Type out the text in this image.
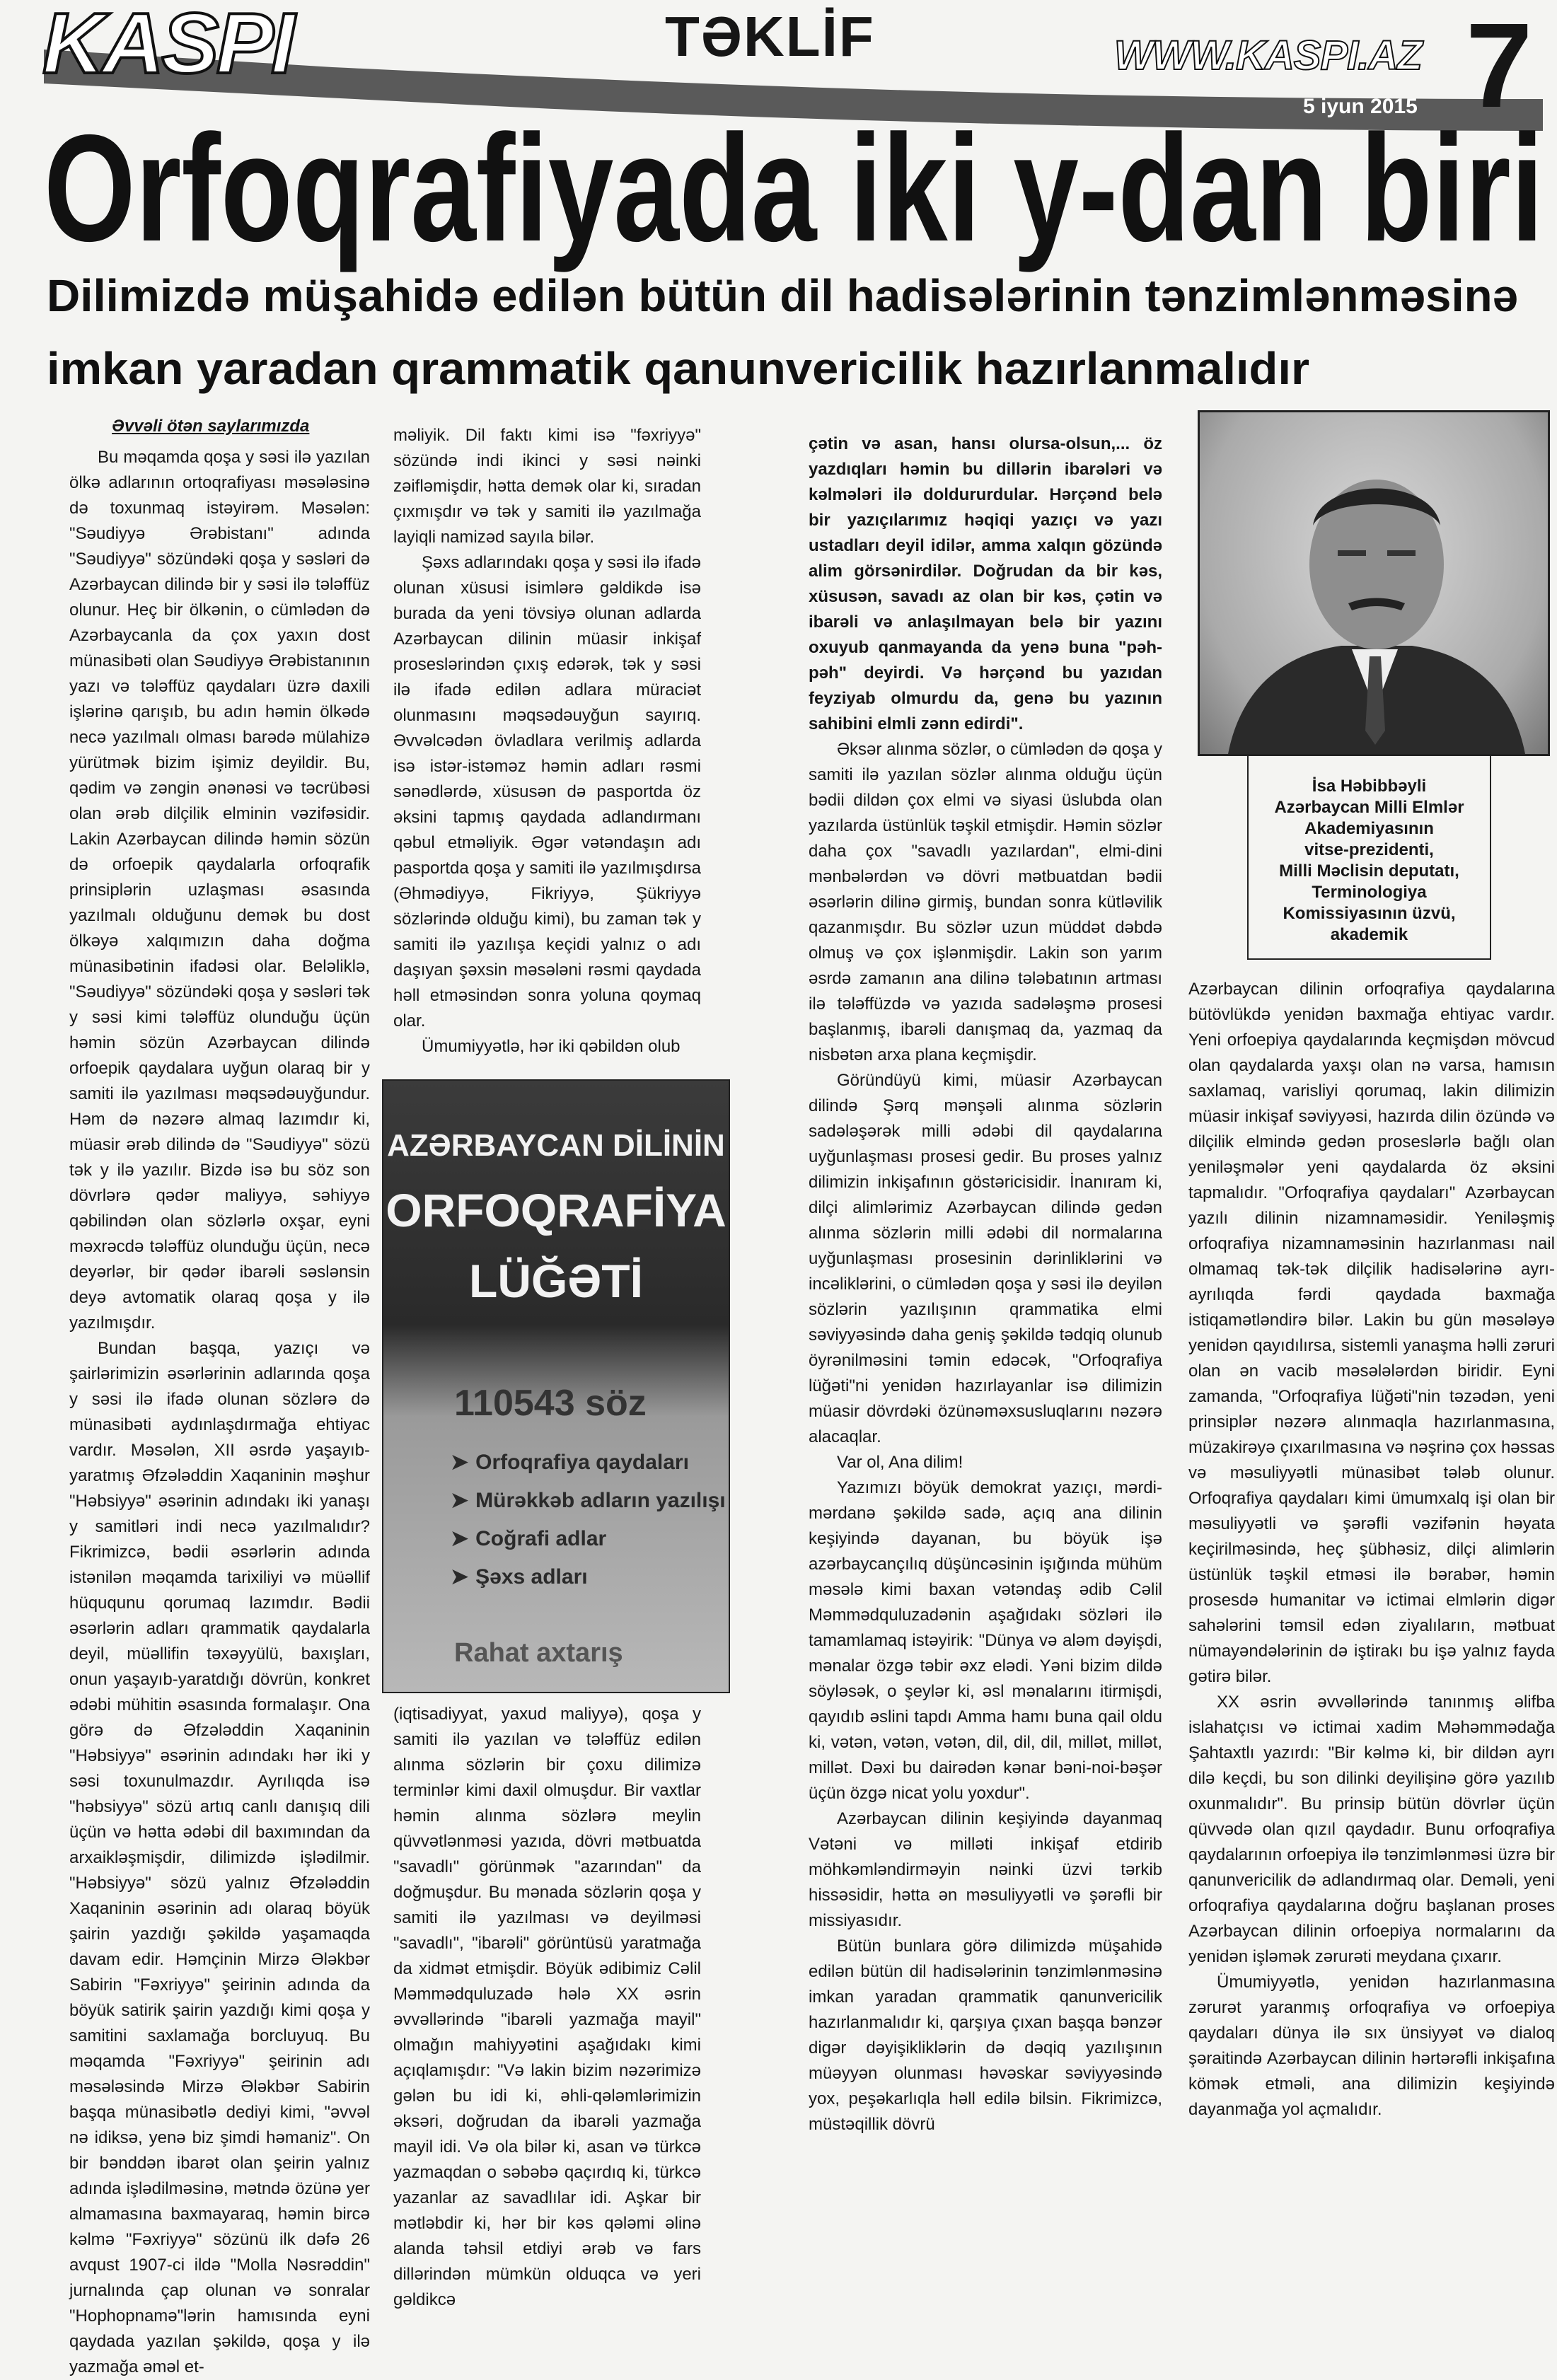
KASPI	TƏKLİF	WWW.KASPI.AZ
5 iyun 2015 7
Orfoqrafiyada iki y-dan biri
Dilimizdə müşahidə edilən bütün dil hadisələrinin tənzimlənməsinə
imkan yaradan qrammatik qanunvericilik hazırlanmalıdır

Əvvəli ötən saylarımızda

Bu məqamda qoşa y səsi ilə yazılan ölkə adlarının ortoqrafiyası məsələsinə də toxunmaq istəyirəm. Məsələn: "Səudiyyə Ərəbistanı" adında "Səudiyyə" sözündəki qoşa y səsləri də Azərbaycan dilində bir y səsi ilə tələffüz olunur. Heç bir ölkənin, o cümlədən də Azərbaycanla da çox yaxın dost münasibəti olan Səudiyyə Ərəbistanının yazı və tələffüz qaydaları üzrə daxili işlərinə qarışıb, bu adın həmin ölkədə necə yazılmalı olması barədə mülahizə yürütmək bizim işimiz deyildir. Bu, qədim və zəngin ənənəsi və təcrübəsi olan ərəb dilçilik elminin vəzifəsidir. Lakin Azərbaycan dilində həmin sözün də orfoepik qaydalarla orfoqrafik prinsiplərin uzlaşması əsasında yazılmalı olduğunu demək bu dost ölkəyə xalqımızın daha doğma münasibətinin ifadəsi olar. Beləliklə, "Səudiyyə" sözündəki qoşa y səsləri tək y səsi kimi tələffüz olunduğu üçün həmin sözün Azərbaycan dilində orfoepik qaydalara uyğun olaraq bir y samiti ilə yazılması məqsədəuyğundur. Həm də nəzərə almaq lazımdır ki, müasir ərəb dilində də "Səudiyyə" sözü tək y ilə yazılır. Bizdə isə bu söz son dövrlərə qədər maliyyə, səhiyyə qəbilindən olan sözlərlə oxşar, eyni məxrəcdə tələffüz olunduğu üçün, necə deyərlər, bir qədər ibarəli səslənsin deyə avtomatik olaraq qoşa y ilə yazılmışdır.

Bundan başqa, yazıçı və şairlərimizin əsərlərinin adlarında qoşa y səsi ilə ifadə olunan sözlərə də münasibəti aydınlaşdırmağa ehtiyac vardır. Məsələn, XII əsrdə yaşayıb-yaratmış Əfzələddin Xaqaninin məşhur "Həbsiyyə" əsərinin adındakı iki yanaşı y samitləri indi necə yazılmalıdır? Fikrimizcə, bədii əsərlərin adında istənilən məqamda tarixiliyi və müəllif hüququnu qorumaq lazımdır. Bədii əsərlərin adları qrammatik qaydalarla deyil, müəllifin təxəyyülü, baxışları, onun yaşayıb-yaratdığı dövrün, konkret ədəbi mühitin əsasında formalaşır. Ona görə də Əfzələddin Xaqaninin "Həbsiyyə" əsərinin adındakı hər iki y səsi toxunulmazdır. Ayrılıqda isə "həbsiyyə" sözü artıq canlı danışıq dili üçün və hətta ədəbi dil baxımından da arxaikləşmişdir, dilimizdə işlədilmir. "Həbsiyyə" sözü yalnız Əfzələddin Xaqaninin əsərinin adı olaraq böyük şairin yazdığı şəkildə yaşamaqda davam edir. Həmçinin Mirzə Ələkbər Sabirin "Fəxriyyə" şeirinin adında da böyük satirik şairin yazdığı kimi qoşa y samitini saxlamağa borcluyuq. Bu məqamda "Fəxriyyə" şeirinin adı məsələsində Mirzə Ələkbər Sabirin başqa münasibətlə dediyi kimi, "əvvəl nə idiksə, yenə biz şimdi həmaniz". On bir bənddən ibarət olan şeirin yalnız adında işlədilməsinə, mətndə özünə yer almamasına baxmayaraq, həmin bircə kəlmə "Fəxriyyə" sözünü ilk dəfə 26 avqust 1907-ci ildə "Molla Nəsrəddin" jurnalında çap olunan və sonralar "Hophopnamə"lərin hamısında eyni qaydada yazılan şəkildə, qoşa y ilə yazmağa əməl et-

məliyik. Dil faktı kimi isə "fəxriyyə" sözündə indi ikinci y səsi nəinki zəifləmişdir, hətta demək olar ki, sıradan çıxmışdır və tək y samiti ilə yazılmağa layiqli namizəd sayıla bilər.

Şəxs adlarındakı qoşa y səsi ilə ifadə olunan xüsusi isimlərə gəldikdə isə burada da yeni tövsiyə olunan adlarda Azərbaycan dilinin müasir inkişaf proseslərindən çıxış edərək, tək y səsi ilə ifadə edilən adlara müraciət olunmasını məqsədəuyğun sayırıq. Əvvəlcədən övladlara verilmiş adlarda isə istər-istəməz həmin adları rəsmi sənədlərdə, xüsusən də pasportda öz əksini tapmış qaydada adlandırmanı qəbul etməliyik. Əgər vətəndaşın adı pasportda qoşa y samiti ilə yazılmışdırsa (Əhmədiyyə, Fikriyyə, Şükriyyə sözlərində olduğu kimi), bu zaman tək y samiti ilə yazılışa keçidi yalnız o adı daşıyan şəxsin məsələni rəsmi qaydada həll etməsindən sonra yoluna qoymaq olar.

Ümumiyyətlə, hər iki qəbildən olub

AZƏRBAYCAN DİLİNİN
ORFOQRAFİYA
LÜĞƏTİ
110543 söz
➤ Orfoqrafiya qaydaları
➤ Mürəkkəb adların yazılışı
➤ Coğrafi adlar
➤ Şəxs adları
Rahat axtarış

(iqtisadiyyat, yaxud maliyyə), qoşa y samiti ilə yazılan və tələffüz edilən alınma sözlərin bir çoxu dilimizə terminlər kimi daxil olmuşdur. Bir vaxtlar həmin alınma sözlərə meylin qüvvətlənməsi yazıda, dövri mətbuatda "savadlı" görünmək "azarından" da doğmuşdur. Bu mənada sözlərin qoşa y samiti ilə yazılması və deyilməsi "savadlı", "ibarəli" görüntüsü yaratmağa da xidmət etmişdir. Böyük ədibimiz Cəlil Məmmədquluzadə hələ XX əsrin əvvəllərində "ibarəli yazmağa mayil" olmağın mahiyyətini aşağıdakı kimi açıqlamışdır: "Və lakin bizim nəzərimizə gələn bu idi ki, əhli-qələmlərimizin əksəri, doğrudan da ibarəli yazmağa mayil idi. Və ola bilər ki, asan və türkcə yazmaqdan o səbəbə qaçırdıq ki, türkcə yazanlar az savadlılar idi. Aşkar bir mətləbdir ki, hər bir kəs qələmi əlinə alanda təhsil etdiyi ərəb və fars dillərindən mümkün olduqca və yeri gəldikcə

çətin və asan, hansı olursa-olsun,... öz yazdıqları həmin bu dillərin ibarələri və kəlmələri ilə doldururdular. Hərçənd belə bir yazıçılarımız həqiqi yazıçı və yazı ustadları deyil idilər, amma xalqın gözündə alim görsənirdilər. Doğrudan da bir kəs, xüsusən, savadı az olan bir kəs, çətin və ibarəli və anlaşılmayan belə bir yazını oxuyub qanmayanda da yenə buna "pəh-pəh" deyirdi. Və hərçənd bu yazıdan feyziyab olmurdu da, genə bu yazının sahibini elmli zənn edirdi".

Əksər alınma sözlər, o cümlədən də qoşa y samiti ilə yazılan sözlər alınma olduğu üçün bədii dildən çox elmi və siyasi üslubda olan yazılarda üstünlük təşkil etmişdir. Həmin sözlər daha çox "savadlı yazılardan", elmi-dini mənbələrdən və dövri mətbuatdan bədii əsərlərin dilinə girmiş, bundan sonra kütləvilik qazanmışdır. Bu sözlər uzun müddət dəbdə olmuş və çox işlənmişdir. Lakin son yarım əsrdə zamanın ana dilinə tələbatının artması ilə tələffüzdə və yazıda sadələşmə prosesi başlanmış, ibarəli danışmaq da, yazmaq da nisbətən arxa plana keçmişdir.

Göründüyü kimi, müasir Azərbaycan dilində Şərq mənşəli alınma sözlərin sadələşərək milli ədəbi dil qaydalarına uyğunlaşması prosesi gedir. Bu proses yalnız dilimizin inkişafının göstəricisidir. İnanıram ki, dilçi alimlərimiz Azərbaycan dilində gedən alınma sözlərin milli ədəbi dil normalarına uyğunlaşması prosesinin dərinliklərini və incəliklərini, o cümlədən qoşa y səsi ilə deyilən sözlərin yazılışının qrammatika elmi səviyyəsində daha geniş şəkildə tədqiq olunub öyrənilməsini təmin edəcək, "Orfoqrafiya lüğəti"ni yenidən hazırlayanlar isə dilimizin müasir dövrdəki özünəməxsusluqlarını nəzərə alacaqlar.

Var ol, Ana dilim!

Yazımızı böyük demokrat yazıçı, mərdi-mərdanə şəkildə sadə, açıq ana dilinin keşiyində dayanan, bu böyük işə azərbaycançılıq düşüncəsinin işığında mühüm məsələ kimi baxan vətəndaş ədib Cəlil Məmmədquluzadənin aşağıdakı sözləri ilə tamamlamaq istəyirik: "Dünya və aləm dəyişdi, mənalar özgə təbir əxz elədi. Yəni bizim dildə söyləsək, o şeylər ki, əsl mənalarını itirmişdi, qayıdıb əslini tapdı Amma hamı buna qail oldu ki, vətən, vətən, vətən, dil, dil, dil, millət, millət, millət. Dəxi bu dairədən kənar bəni-noi-bəşər üçün özgə nicat yolu yoxdur".

Azərbaycan dilinin keşiyində dayanmaq Vətəni və milləti inkişaf etdirib möhkəmləndirməyin nəinki üzvi tərkib hissəsidir, hətta ən məsuliyyətli və şərəfli bir missiyasıdır.

Bütün bunlara görə dilimizdə müşahidə edilən bütün dil hadisələrinin tənzimlənməsinə imkan yaradan qrammatik qanunvericilik hazırlanmalıdır ki, qarşıya çıxan başqa bənzər digər dəyişikliklərin də dəqiq yazılışının müəyyən olunması həvəskar səviyyəsində yox, peşəkarlıqla həll edilə bilsin. Fikrimizcə, müstəqillik dövrü

İsa Həbibbəyli
Azərbaycan Milli Elmlər
Akademiyasının
vitse-prezidenti,
Milli Məclisin deputatı,
Terminologiya
Komissiyasının üzvü,
akademik

Azərbaycan dilinin orfoqrafiya qaydalarına bütövlükdə yenidən baxmağa ehtiyac vardır. Yeni orfoepiya qaydalarında keçmişdən mövcud olan qaydalarda yaxşı olan nə varsa, hamısın saxlamaq, varisliyi qorumaq, lakin dilimizin müasir inkişaf səviyyəsi, hazırda dilin özündə və dilçilik elmində gedən proseslərlə bağlı olan yeniləşmələr yeni qaydalarda öz əksini tapmalıdır. "Orfoqrafiya qaydaları" Azərbaycan yazılı dilinin nizamnaməsidir. Yeniləşmiş orfoqrafiya nizamnaməsinin hazırlanması nail olmamaq tək-tək dilçilik hadisələrinə ayrı-ayrılıqda fərdi qaydada baxmağa istiqamətləndirə bilər. Lakin bu gün məsələyə yenidən qayıdılırsa, sistemli yanaşma həlli zəruri olan ən vacib məsələlərdən biridir. Eyni zamanda, "Orfoqrafiya lüğəti"nin təzədən, yeni prinsiplər nəzərə alınmaqla hazırlanmasına, müzakirəyə çıxarılmasına və nəşrinə çox həssas və məsuliyyətli münasibət tələb olunur. Orfoqrafiya qaydaları kimi ümumxalq işi olan bir məsuliyyətli və şərəfli vəzifənin həyata keçirilməsində, heç şübhəsiz, dilçi alimlərin üstünlük təşkil etməsi ilə bərabər, həmin prosesdə humanitar və ictimai elmlərin digər sahələrini təmsil edən ziyalıların, mətbuat nümayəndələrinin də iştirakı bu işə yalnız fayda gətirə bilər.

XX əsrin əvvəllərində tanınmış əlifba islahatçısı və ictimai xadim Məhəmmədağa Şahtaxtlı yazırdı: "Bir kəlmə ki, bir dildən ayrı dilə keçdi, bu son dilinki deyilişinə görə yazılıb oxunmalıdır". Bu prinsip bütün dövrlər üçün qüvvədə olan qızıl qaydadır. Bunu orfoqrafiya qaydalarının orfoepiya ilə tənzimlənməsi üzrə bir qanunvericilik də adlandırmaq olar. Deməli, yeni orfoqrafiya qaydalarına doğru başlanan proses Azərbaycan dilinin orfoepiya normalarını da yenidən işləmək zərurəti meydana çıxarır.

Ümumiyyətlə, yenidən hazırlanmasına zərurət yaranmış orfoqrafiya və orfoepiya qaydaları dünya ilə sıx ünsiyyət və dialoq şəraitində Azərbaycan dilinin hərtərəfli inkişafına kömək etməli, ana dilimizin keşiyində dayanmağa yol açmalıdır.
